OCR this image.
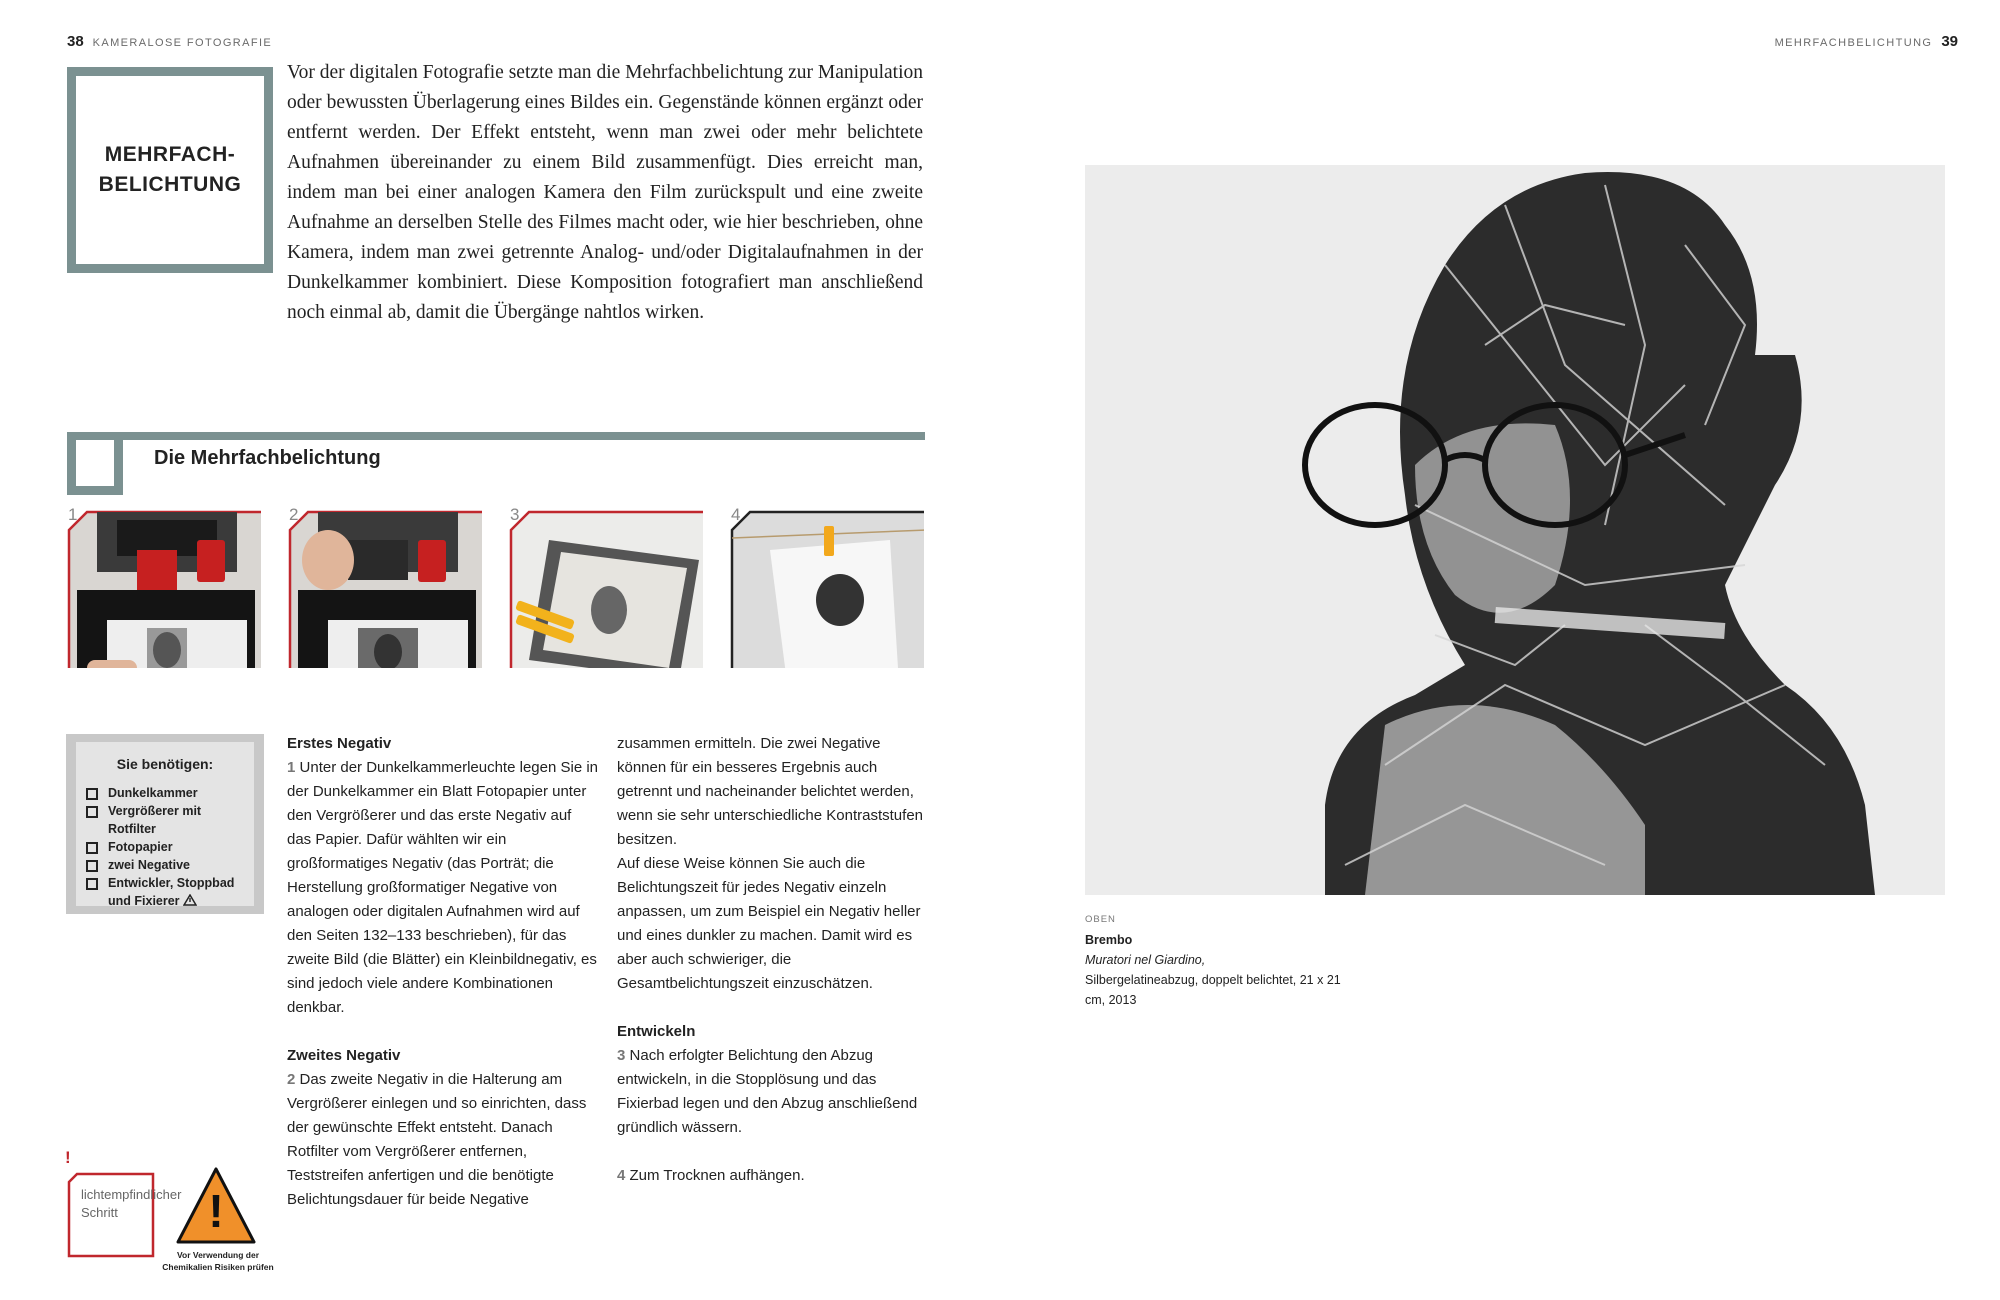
38 KAMERALOSE FOTOGRAFIE	MEHRFACHBELICHTUNG 39
MEHRFACH-
BELICHTUNG
Vor der digitalen Fotografie setzte man die Mehrfachbelichtung zur Manipulation oder bewussten Überlagerung eines Bildes ein. Gegenstände können ergänzt oder entfernt werden. Der Effekt entsteht, wenn man zwei oder mehr belichtete Aufnahmen übereinander zu einem Bild zusammenfügt. Dies erreicht man, indem man bei einer analogen Kamera den Film zurückspult und eine zweite Aufnahme an derselben Stelle des Filmes macht oder, wie hier beschrieben, ohne Kamera, indem man zwei getrennte Analog- und/oder Digitalaufnahmen in der Dunkelkammer kombiniert. Diese Komposition fotografiert man anschließend noch einmal ab, damit die Übergänge nahtlos wirken.
Die Mehrfachbelichtung
1	2	3	4
Sie benötigen:
Dunkelkammer
Vergrößerer mit Rotfilter
Fotopapier
zwei Negative
Entwickler, Stoppbad und Fixierer
Erstes Negativ

1 Unter der Dunkelkammerleuchte legen Sie in der Dunkelkammer ein Blatt Fotopapier unter den Vergrößerer und das erste Negativ auf das Papier. Dafür wählten wir ein großformatiges Negativ (das Porträt; die Herstellung großformatiger Negative von analogen oder digitalen Aufnahmen wird auf den Seiten 132–133 beschrieben), für das zweite Bild (die Blätter) ein Kleinbildnegativ, es sind jedoch viele andere Kombinationen denkbar.

Zweites Negativ

2 Das zweite Negativ in die Halterung am Vergrößerer einlegen und so einrichten, dass der gewünschte Effekt entsteht. Danach Rotfilter vom Vergrößerer entfernen, Teststreifen anfertigen und die benötigte Belichtungsdauer für beide Negative

zusammen ermitteln. Die zwei Negative können für ein besseres Ergebnis auch getrennt und nacheinander belichtet werden, wenn sie sehr unterschiedliche Kontraststufen besitzen.

Auf diese Weise können Sie auch die Belichtungszeit für jedes Negativ einzeln anpassen, um zum Beispiel ein Negativ heller und eines dunkler zu machen. Damit wird es aber auch schwieriger, die Gesamtbelichtungszeit einzuschätzen.

Entwickeln

3 Nach erfolgter Belichtung den Abzug entwickeln, in die Stopplösung und das Fixierbad legen und den Abzug anschließend gründlich wässern.

4 Zum Trocknen aufhängen.

!
lichtempfindlicher Schritt	!
Vor Verwendung der Chemikalien Risiken prüfen
OBEN
Brembo
Muratori nel Giardino,
Silbergelatineabzug, doppelt belichtet, 21 x 21 cm, 2013
